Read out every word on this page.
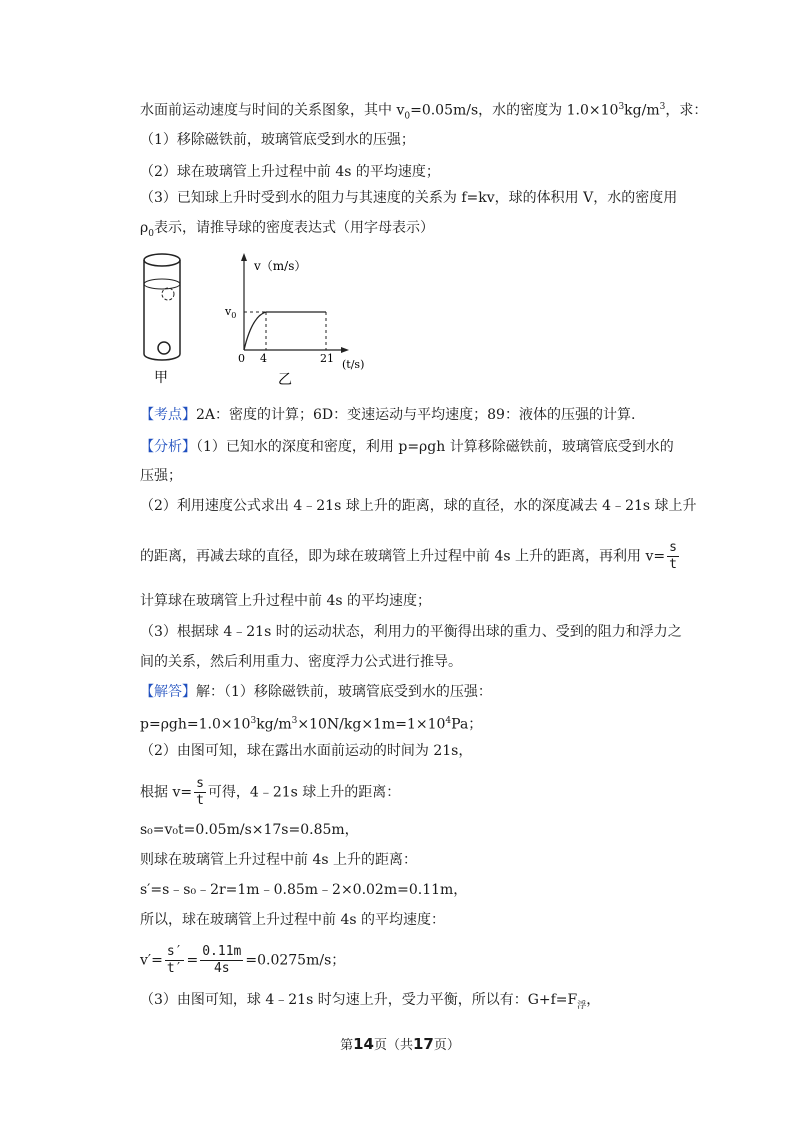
水面前运动速度与时间的关系图象，其中 $v_0=0.05m/s$，水的密度为 $1.0\times 10^3kg/m^3$，求：
（1）移除磁铁前，玻璃管底受到水的压强；
（2）球在玻璃管上升过程中前 4s 的平均速度；
（3）已知球上升时受到水的阻力与其速度的关系为 f=kv，球的体积用 V，水的密度用
$\rho_0$表示，请推导球的密度表达式（用字母表示）
甲
v（m/s）
(t/s)
$v_0$
0 4	21
乙
【考点】2A：密度的计算；6D：变速运动与平均速度；89：液体的压强的计算.
【分析】（1）已知水的深度和密度，利用 p=ρgh 计算移除磁铁前，玻璃管底受到水的
压强；
（2）利用速度公式求出 4﹣21s 球上升的距离，球的直径，水的深度减去 4﹣21s 球上升
的距离，再减去球的直径，即为球在玻璃管上升过程中前 4s 上升的距离，再利用 $v= \frac{s}{t}$
计算球在玻璃管上升过程中前 4s 的平均速度；
（3）根据球 4﹣21s 时的运动状态，利用力的平衡得出球的重力、受到的阻力和浮力之
间的关系，然后利用重力、密度浮力公式进行推导。
【解答】解：（1）移除磁铁前，玻璃管底受到水的压强：
$p=\rho gh=1.0\times 10^3kg/m^3\times 10N/kg\times 1m=1\times 10^4Pa$；
（2）由图可知，球在露出水面前运动的时间为 21s，
根据 $v= \frac{s}{t}$ 可得，4﹣21s 球上升的距离：
s₀=v₀t=0.05m/s×17s=0.85m，
则球在玻璃管上升过程中前 4s 上升的距离：
s′=s﹣s₀﹣2r=1m﹣0.85m﹣2×0.02m=0.11m，
所以，球在玻璃管上升过程中前 4s 的平均速度：
$v'= \frac{s'}{t'} = \frac{0.11m}{4s} =0.0275m/s$；
（3）由图可知，球 4﹣21s 时匀速上升，受力平衡，所以有：$G+f=F_浮$，
第14页（共17页）
